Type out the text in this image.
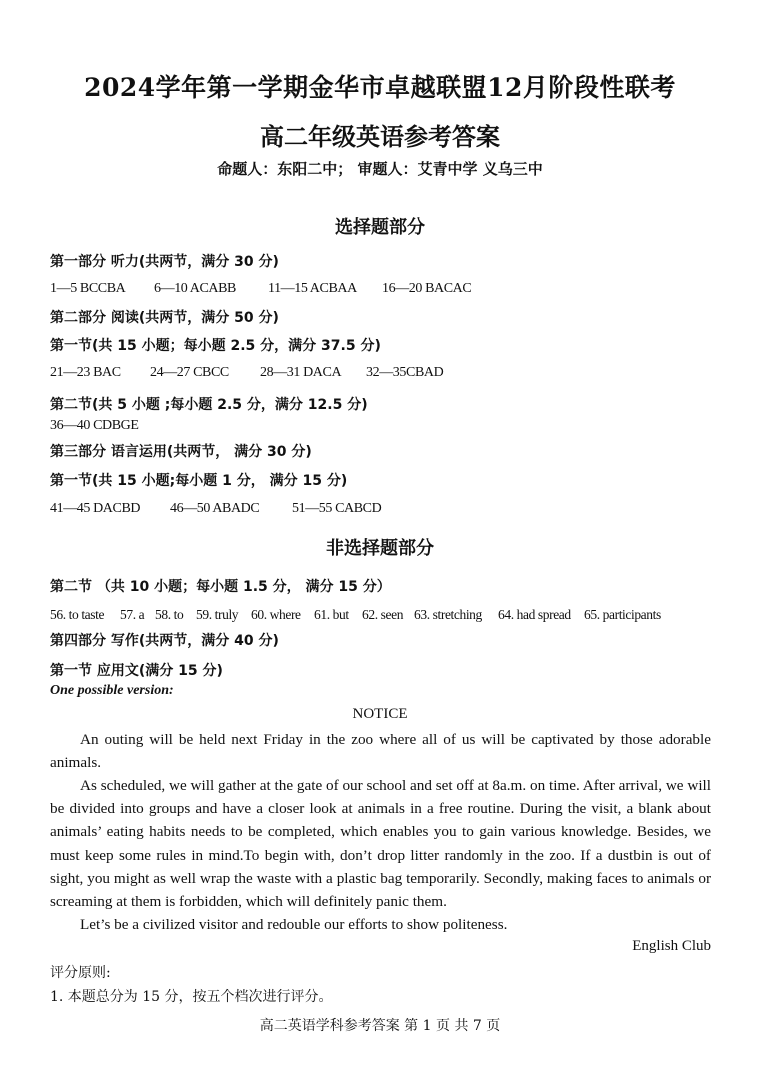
2024学年第一学期金华市卓越联盟12月阶段性联考
高二年级英语参考答案
命题人：东阳二中； 审题人：艾青中学 义乌三中
选择题部分
第一部分 听力(共两节，满分 30 分)
1—5 BCCBA 6—10 ACABB 11—15 ACBAA 16—20 BACAC
第二部分 阅读(共两节，满分 50 分)
第一节(共 15 小题；每小题 2.5 分，满分 37.5 分)
21—23 BAC 24—27 CBCC 28—31 DACA 32—35CBAD
第二节(共 5 小题 ;每小题 2.5 分，满分 12.5 分)
36—40 CDBGE
第三部分 语言运用(共两节， 满分 30 分)
第一节(共 15 小题;每小题 1 分， 满分 15 分)
41—45 DACBD 46—50 ABADC 51—55 CABCD
非选择题部分
第二节 （共 10 小题；每小题 1.5 分， 满分 15 分）
56. to taste 57. a 58. to 59. truly 60. where 61. but 62. seen 63. stretching 64. had spread 65. participants
第四部分 写作(共两节，满分 40 分)
第一节 应用文(满分 15 分)
One possible version:
NOTICE
An outing will be held next Friday in the zoo where all of us will be captivated by those adorable animals.
As scheduled, we will gather at the gate of our school and set off at 8a.m. on time. After arrival, we will be divided into groups and have a closer look at animals in a free routine. During the visit, a blank about animals’ eating habits needs to be completed, which enables you to gain various knowledge. Besides, we must keep some rules in mind.To begin with, don’t drop litter randomly in the zoo. If a dustbin is out of sight, you might as well wrap the waste with a plastic bag temporarily. Secondly, making faces to animals or screaming at them is forbidden, which will definitely panic them.
Let’s be a civilized visitor and redouble our efforts to show politeness.
English Club
评分原则:
1. 本题总分为 15 分，按五个档次进行评分。
高二英语学科参考答案 第 1 页 共 7 页
